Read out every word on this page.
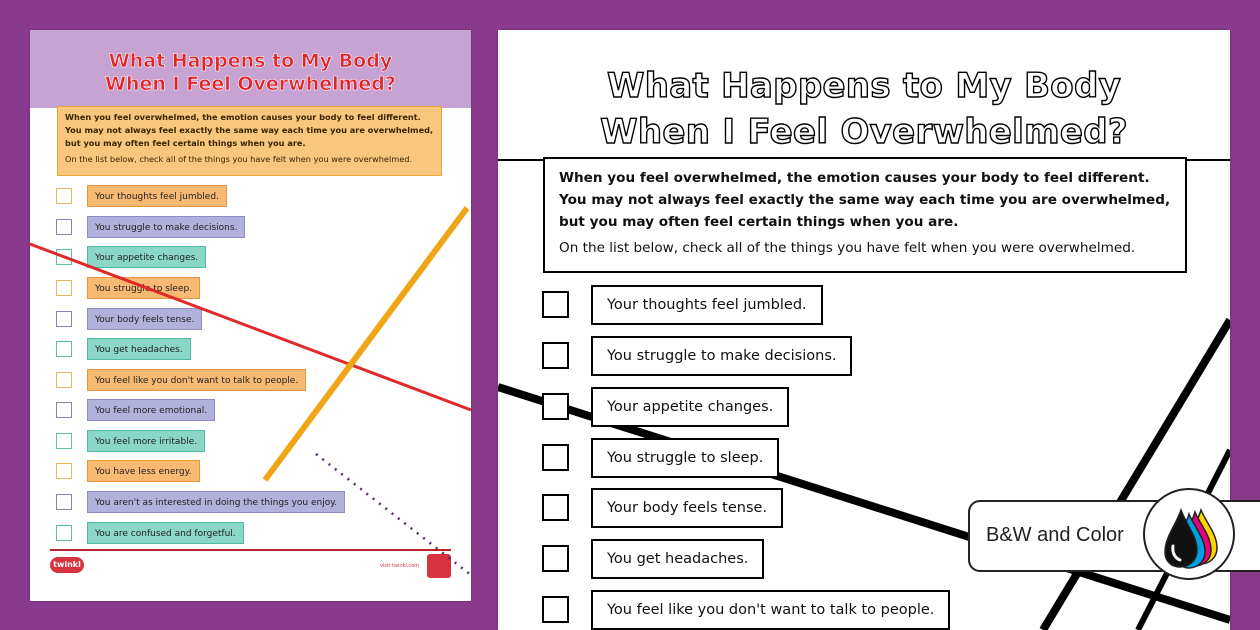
What Happens to My Body
When I Feel Overwhelmed?

When you feel overwhelmed, the emotion causes your body to feel different. You may not always feel exactly the same way each time you are overwhelmed, but you may often feel certain things when you are.

On the list below, check all of the things you have felt when you were overwhelmed.

Your thoughts feel jumbled.
You struggle to make decisions.
Your appetite changes.
You struggle to sleep.
Your body feels tense.
You get headaches.
You feel like you don't want to talk to people.
You feel more emotional.
You feel more irritable.
You have less energy.
You aren't as interested in doing the things you enjoy.
You are confused and forgetful.
twinkl	visit twinkl.com
What Happens to My Body
When I Feel Overwhelmed?

When you feel overwhelmed, the emotion causes your body to feel different. You may not always feel exactly the same way each time you are overwhelmed, but you may often feel certain things when you are.

On the list below, check all of the things you have felt when you were overwhelmed.

Your thoughts feel jumbled.
You struggle to make decisions.
Your appetite changes.
You struggle to sleep.
Your body feels tense.
You get headaches.
You feel like you don't want to talk to people.
B&W and Color
